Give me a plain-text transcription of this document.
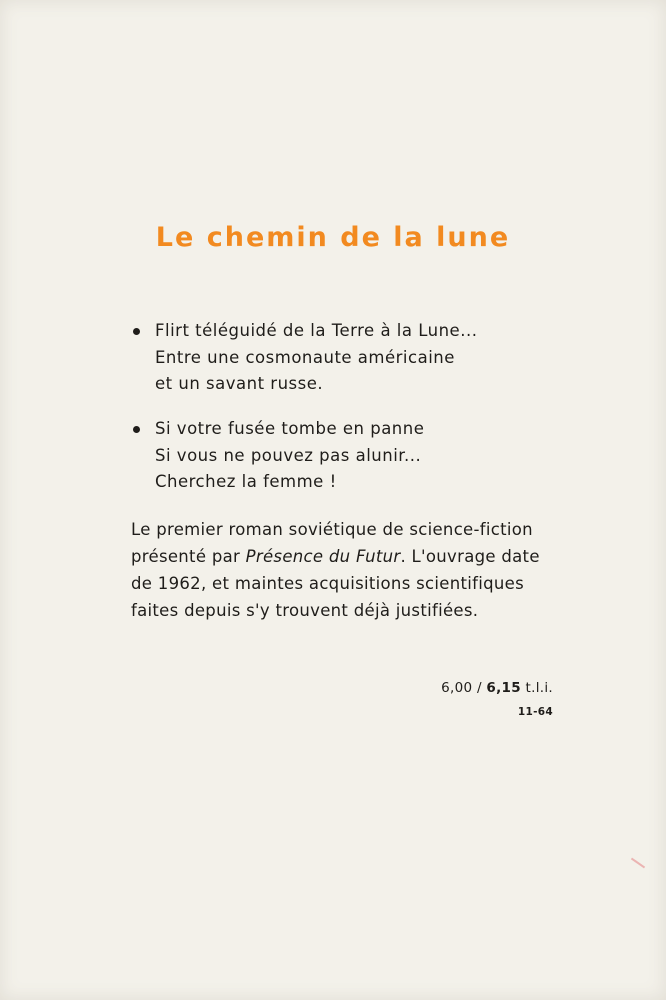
Le chemin de la lune
Flirt téléguidé de la Terre à la Lune...
Entre une cosmonaute américaine
et un savant russe.
Si votre fusée tombe en panne
Si vous ne pouvez pas alunir...
Cherchez la femme !
Le premier roman soviétique de science-fiction
présenté par Présence du Futur. L'ouvrage date
de 1962, et maintes acquisitions scientifiques
faites depuis s'y trouvent déjà justifiées.
6,00 / 6,15 t.l.i.
11-64
